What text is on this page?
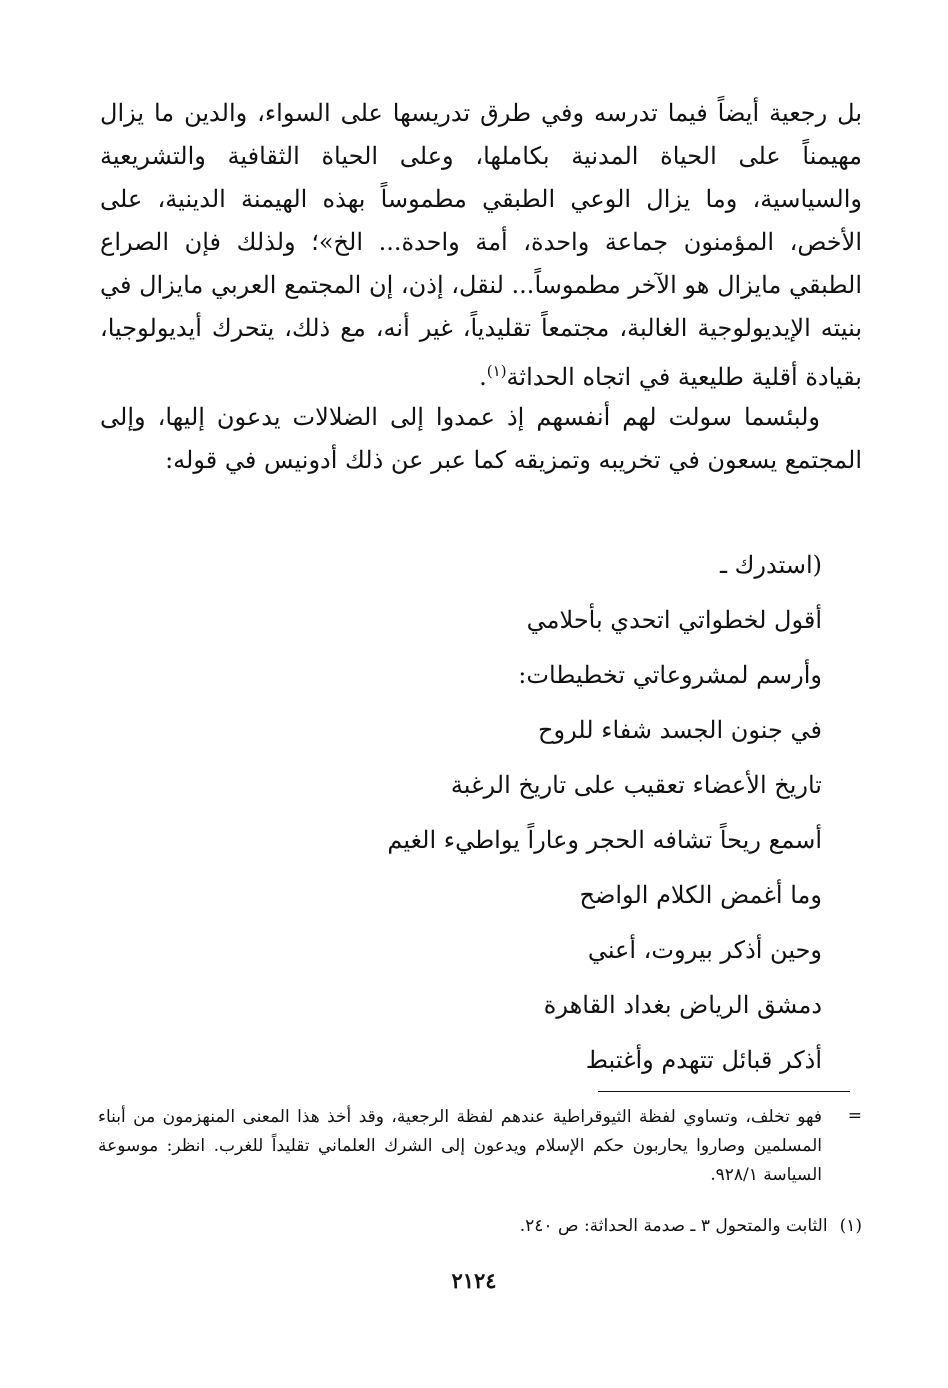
بل رجعية أيضاً فيما تدرسه وفي طرق تدريسها على السواء، والدين ما يزال مهيمناً على الحياة المدنية بكاملها، وعلى الحياة الثقافية والتشريعية والسياسية، وما يزال الوعي الطبقي مطموساً بهذه الهيمنة الدينية، على الأخص، المؤمنون جماعة واحدة، أمة واحدة... الخ»؛ ولذلك فإن الصراع الطبقي مايزال هو الآخر مطموساً... لنقل، إذن، إن المجتمع العربي مايزال في بنيته الإيديولوجية الغالبة، مجتمعاً تقليدياً، غير أنه، مع ذلك، يتحرك أيديولوجيا، بقيادة أقلية طليعية في اتجاه الحداثة$^{(١)}$.

ولبئسما سولت لهم أنفسهم إذ عمدوا إلى الضلالات يدعون إليها، وإلى المجتمع يسعون في تخريبه وتمزيقه كما عبر عن ذلك أدونيس في قوله:

(استدرك ـ
أقول لخطواتي اتحدي بأحلامي
وأرسم لمشروعاتي تخطيطات:
في جنون الجسد شفاء للروح
تاريخ الأعضاء تعقيب على تاريخ الرغبة
أسمع ريحاً تشافه الحجر وعاراً يواطيء الغيم
وما أغمض الكلام الواضح
وحين أذكر بيروت، أعني
دمشق الرياض بغداد القاهرة
أذكر قبائل تتهدم وأغتبط
=

فهو تخلف، وتساوي لفظة الثيوقراطية عندهم لفظة الرجعية، وقد أخذ هذا المعنى المنهزمون من أبناء المسلمين وصاروا يحاربون حكم الإسلام ويدعون إلى الشرك العلماني تقليداً للغرب. انظر: موسوعة السياسة ٩٢٨/١.

(١)الثابت والمتحول ٣ ـ صدمة الحداثة: ص ٢٤٠.

٢١٢٤
